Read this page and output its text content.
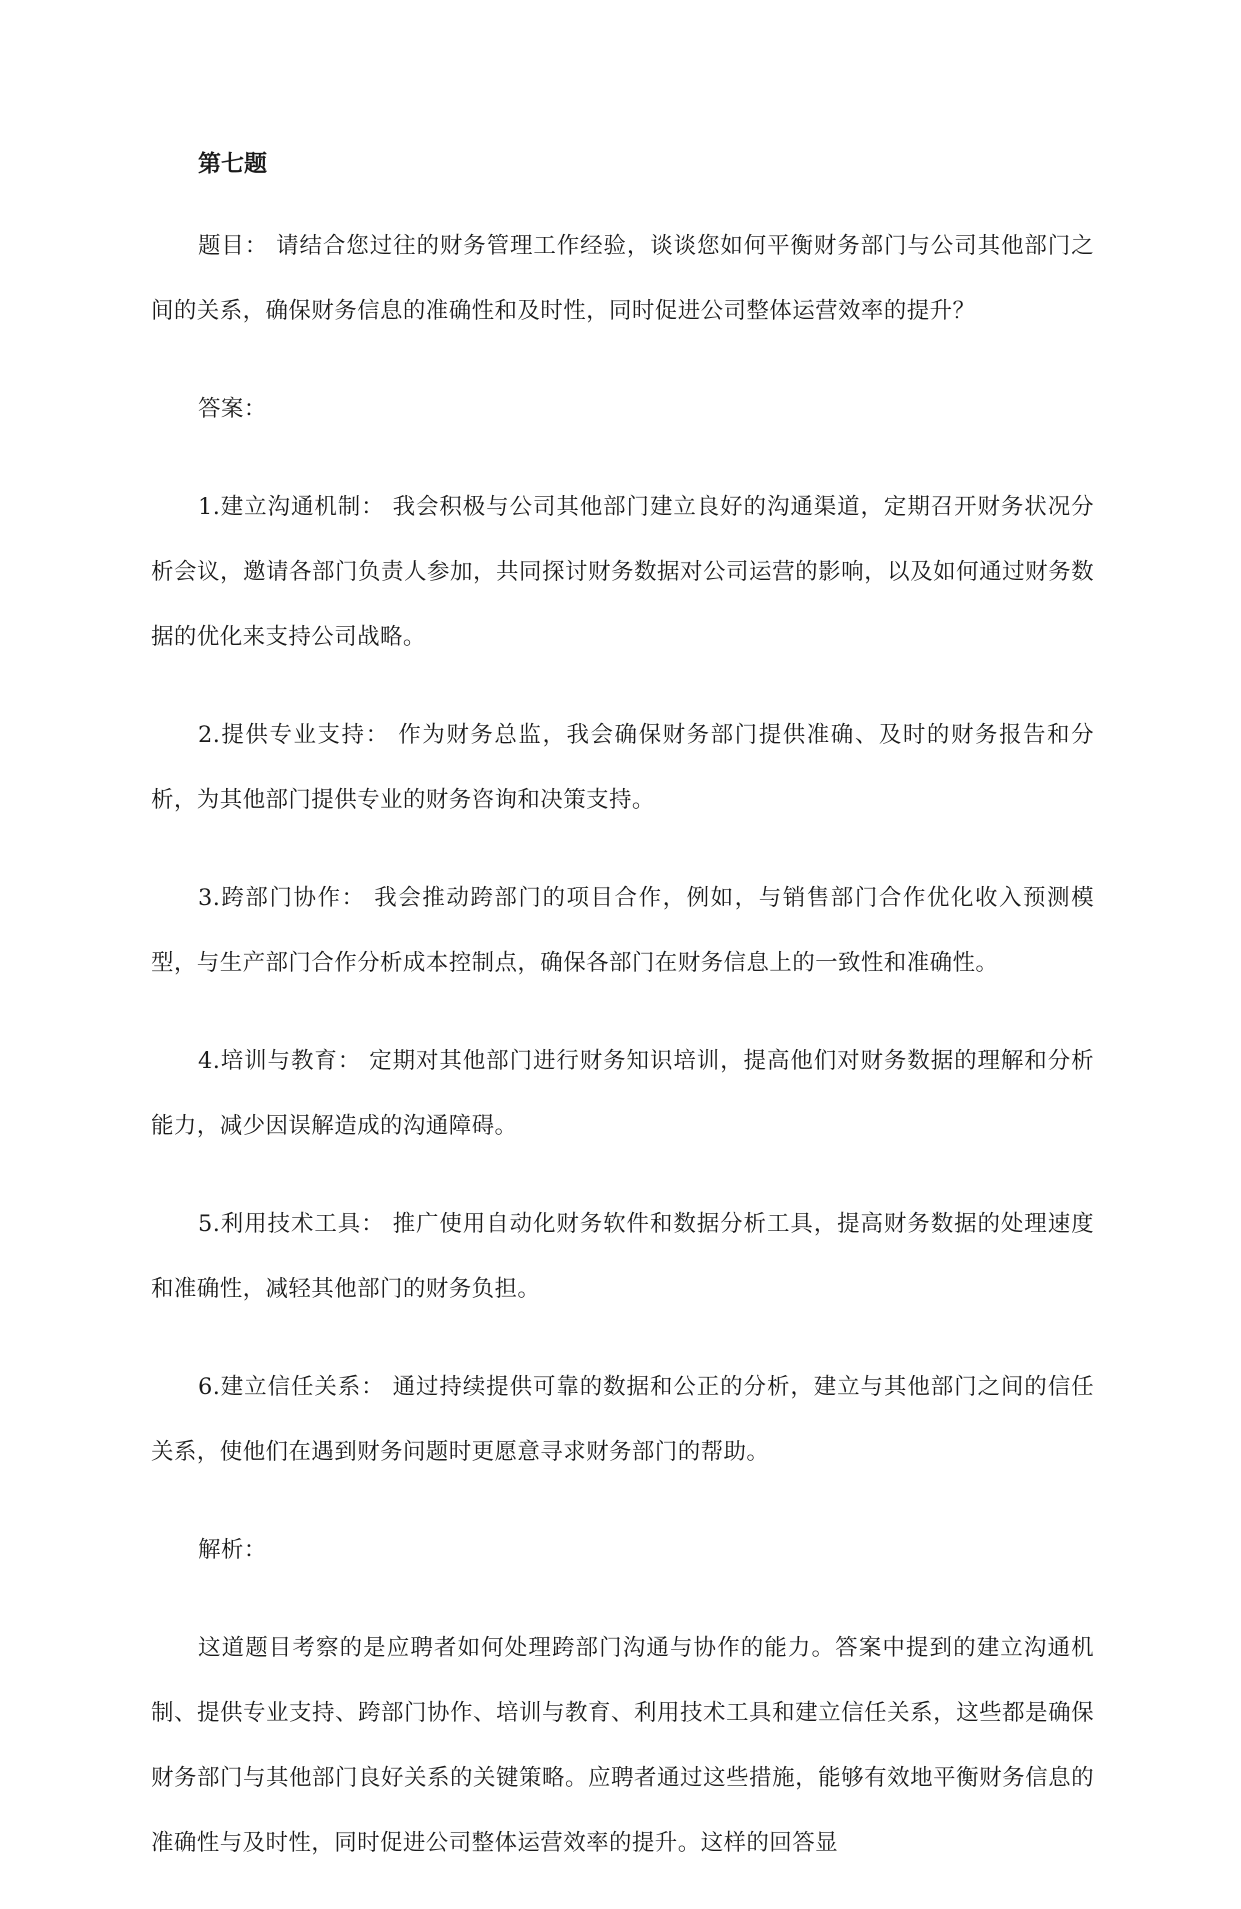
第七题

题目： 请结合您过往的财务管理工作经验，谈谈您如何平衡财务部门与公司其他部门之间的关系，确保财务信息的准确性和及时性，同时促进公司整体运营效率的提升？

答案：

1.建立沟通机制： 我会积极与公司其他部门建立良好的沟通渠道，定期召开财务状况分析会议，邀请各部门负责人参加，共同探讨财务数据对公司运营的影响，以及如何通过财务数据的优化来支持公司战略。

2.提供专业支持： 作为财务总监，我会确保财务部门提供准确、及时的财务报告和分析，为其他部门提供专业的财务咨询和决策支持。

3.跨部门协作： 我会推动跨部门的项目合作，例如，与销售部门合作优化收入预测模型，与生产部门合作分析成本控制点，确保各部门在财务信息上的一致性和准确性。

4.培训与教育： 定期对其他部门进行财务知识培训，提高他们对财务数据的理解和分析能力，减少因误解造成的沟通障碍。

5.利用技术工具： 推广使用自动化财务软件和数据分析工具，提高财务数据的处理速度和准确性，减轻其他部门的财务负担。

6.建立信任关系： 通过持续提供可靠的数据和公正的分析，建立与其他部门之间的信任关系，使他们在遇到财务问题时更愿意寻求财务部门的帮助。

解析：

这道题目考察的是应聘者如何处理跨部门沟通与协作的能力。答案中提到的建立沟通机制、提供专业支持、跨部门协作、培训与教育、利用技术工具和建立信任关系，这些都是确保财务部门与其他部门良好关系的关键策略。应聘者通过这些措施，能够有效地平衡财务信息的准确性与及时性，同时促进公司整体运营效率的提升。这样的回答显
